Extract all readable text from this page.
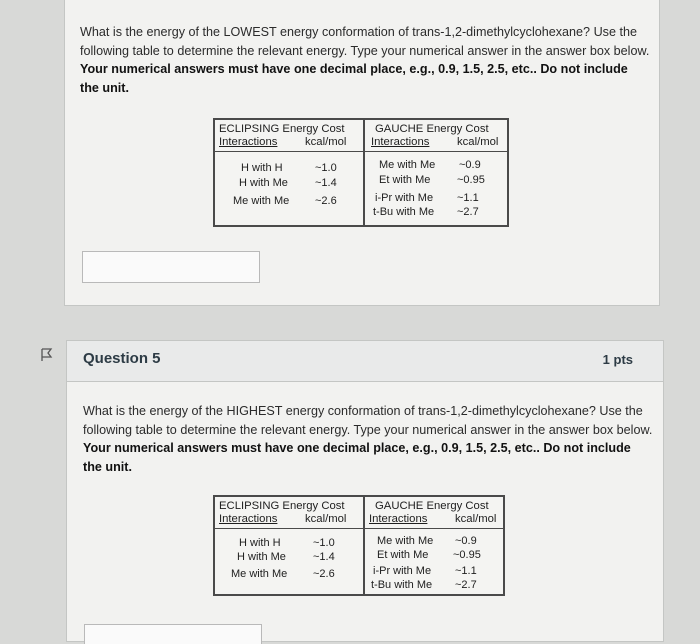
What is the energy of the LOWEST energy conformation of trans-1,2-dimethylcyclohexane? Use the following table to determine the relevant energy. Type your numerical answer in the answer box below. Your numerical answers must have one decimal place, e.g., 0.9, 1.5, 2.5, etc.. Do not include the unit.
ECLIPSING Energy Cost
Interactions kcal/mol
H with H	~1.0
H with Me ~1.4
Me with Me ~2.6
GAUCHE Energy Cost
Interactions kcal/mol
Me with Me ~0.9
Et with Me ~0.95
i-Pr with Me ~1.1
t-Bu with Me ~2.7
Question 5	1 pts
What is the energy of the HIGHEST energy conformation of trans-1,2-dimethylcyclohexane? Use the following table to determine the relevant energy. Type your numerical answer in the answer box below. Your numerical answers must have one decimal place, e.g., 0.9, 1.5, 2.5, etc.. Do not include the unit.
ECLIPSING Energy Cost
Interactions kcal/mol
H with H	~1.0
H with Me ~1.4
Me with Me ~2.6
GAUCHE Energy Cost
Interactions kcal/mol
Me with Me ~0.9
Et with Me ~0.95
i-Pr with Me ~1.1
t-Bu with Me ~2.7
